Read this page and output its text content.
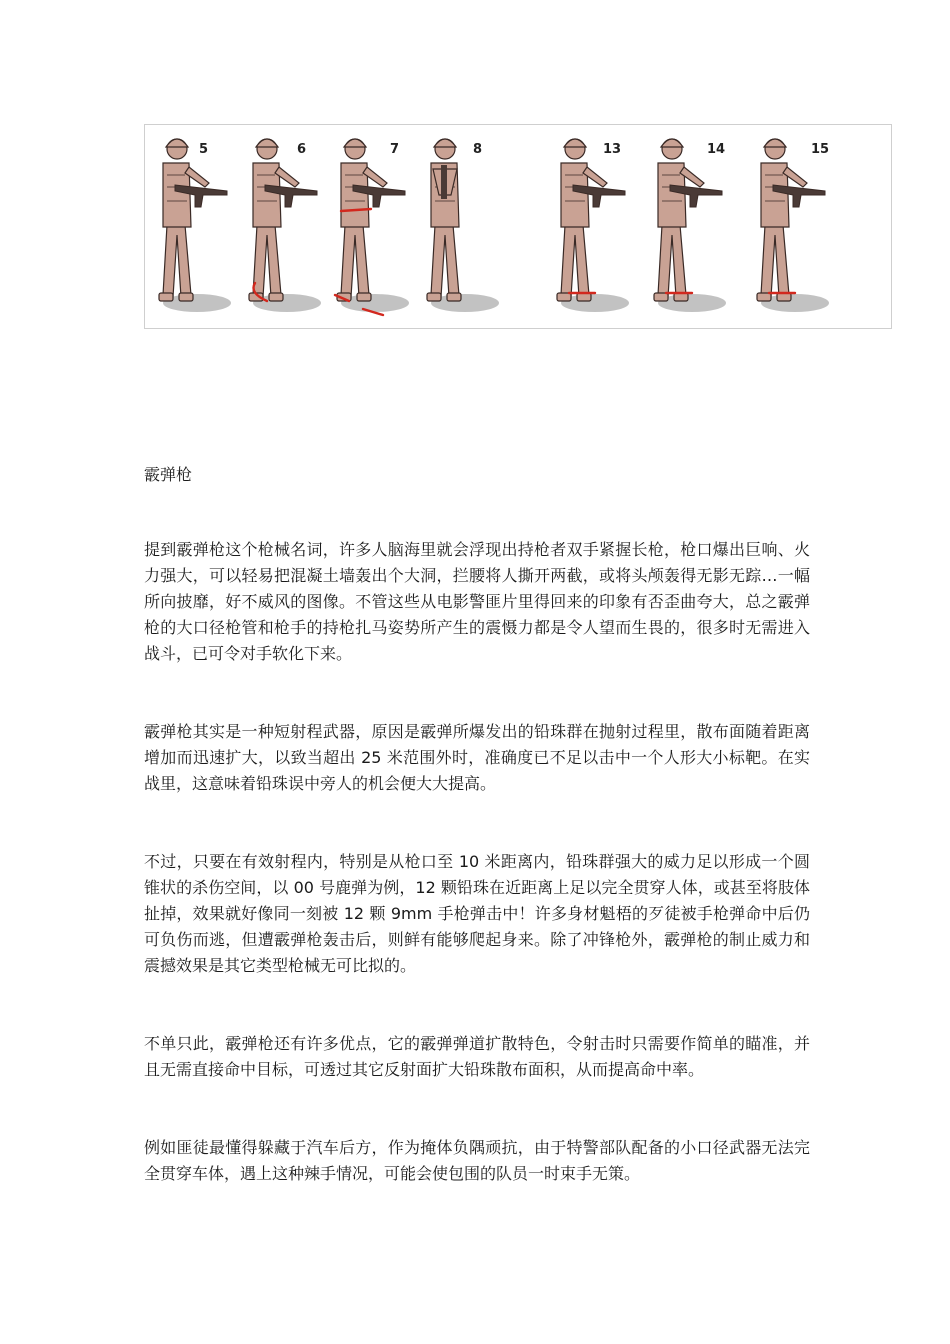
5	6	7	8	13	14	15
霰弹枪

提到霰弹枪这个枪械名词，许多人脑海里就会浮现出持枪者双手紧握长枪，枪口爆出巨响、火力强大，可以轻易把混凝土墙轰出个大洞，拦腰将人撕开两截，或将头颅轰得无影无踪…一幅所向披靡，好不威风的图像。不管这些从电影警匪片里得回来的印象有否歪曲夸大，总之霰弹枪的大口径枪管和枪手的持枪扎马姿势所产生的震慑力都是令人望而生畏的，很多时无需进入战斗，已可令对手软化下来。

霰弹枪其实是一种短射程武器，原因是霰弹所爆发出的铅珠群在抛射过程里，散布面随着距离增加而迅速扩大，以致当超出 25 米范围外时，准确度已不足以击中一个人形大小标靶。在实战里，这意味着铅珠误中旁人的机会便大大提高。

不过，只要在有效射程内，特别是从枪口至 10 米距离内，铅珠群强大的威力足以形成一个圆锥状的杀伤空间，以 00 号鹿弹为例，12 颗铅珠在近距离上足以完全贯穿人体，或甚至将肢体扯掉，效果就好像同一刻被 12 颗 9mm 手枪弹击中！许多身材魁梧的歹徒被手枪弹命中后仍可负伤而逃，但遭霰弹枪轰击后，则鲜有能够爬起身来。除了冲锋枪外，霰弹枪的制止威力和震撼效果是其它类型枪械无可比拟的。

不单只此，霰弹枪还有许多优点，它的霰弹弹道扩散特色，令射击时只需要作简单的瞄准，并且无需直接命中目标，可透过其它反射面扩大铅珠散布面积，从而提高命中率。

例如匪徒最懂得躲藏于汽车后方，作为掩体负隅顽抗，由于特警部队配备的小口径武器无法完全贯穿车体，遇上这种辣手情况，可能会使包围的队员一时束手无策。
